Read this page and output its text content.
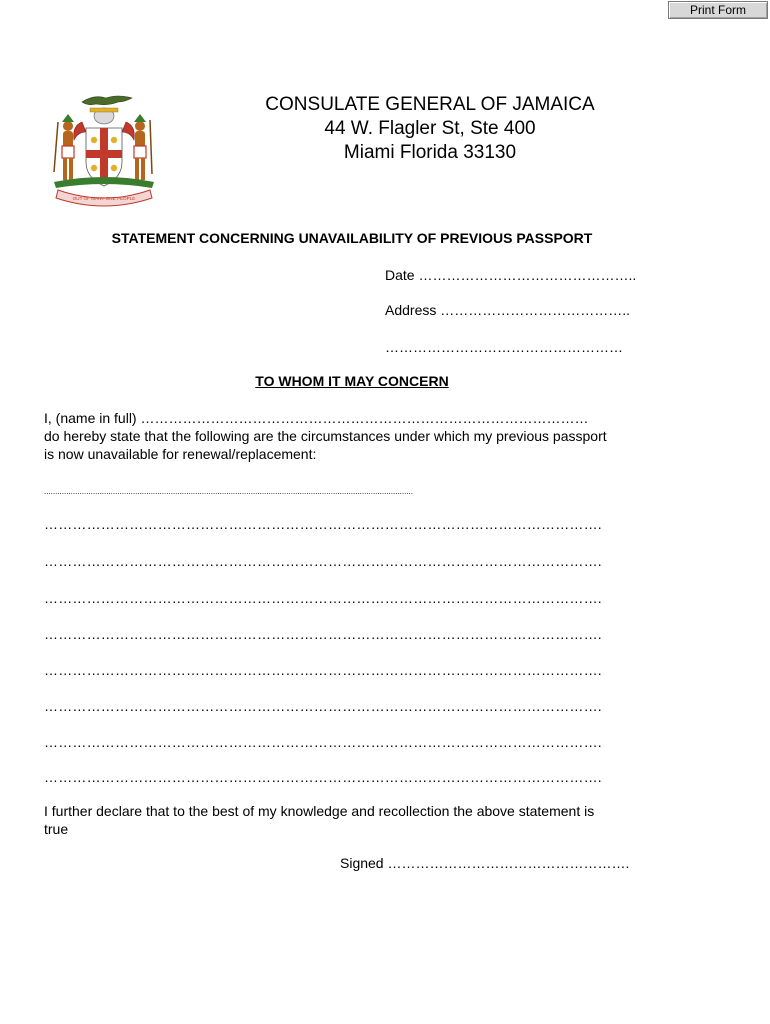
Print Form
OUT OF MANY ONE PEOPLE
CONSULATE GENERAL OF JAMAICA
44 W. Flagler St, Ste 400
Miami Florida 33130
STATEMENT CONCERNING UNAVAILABILITY OF PREVIOUS PASSPORT
Date ………………………………………..
Address …………………………………..
……………………………………………
TO WHOM IT MAY CONCERN
I, (name in full) ……………………………………………………………………………………
do hereby state that the following are the circumstances under which my previous passport
is now unavailable for renewal/replacement:
......................................................................................................................................................................
……………………………………………………………………………………………………….
……………………………………………………………………………………………………….
……………………………………………………………………………………………………….
……………………………………………………………………………………………………….
……………………………………………………………………………………………………….
……………………………………………………………………………………………………….
……………………………………………………………………………………………………….
……………………………………………………………………………………………………….
I further declare that to the best of my knowledge and recollection the above statement is
true
Signed …………………………………………….
